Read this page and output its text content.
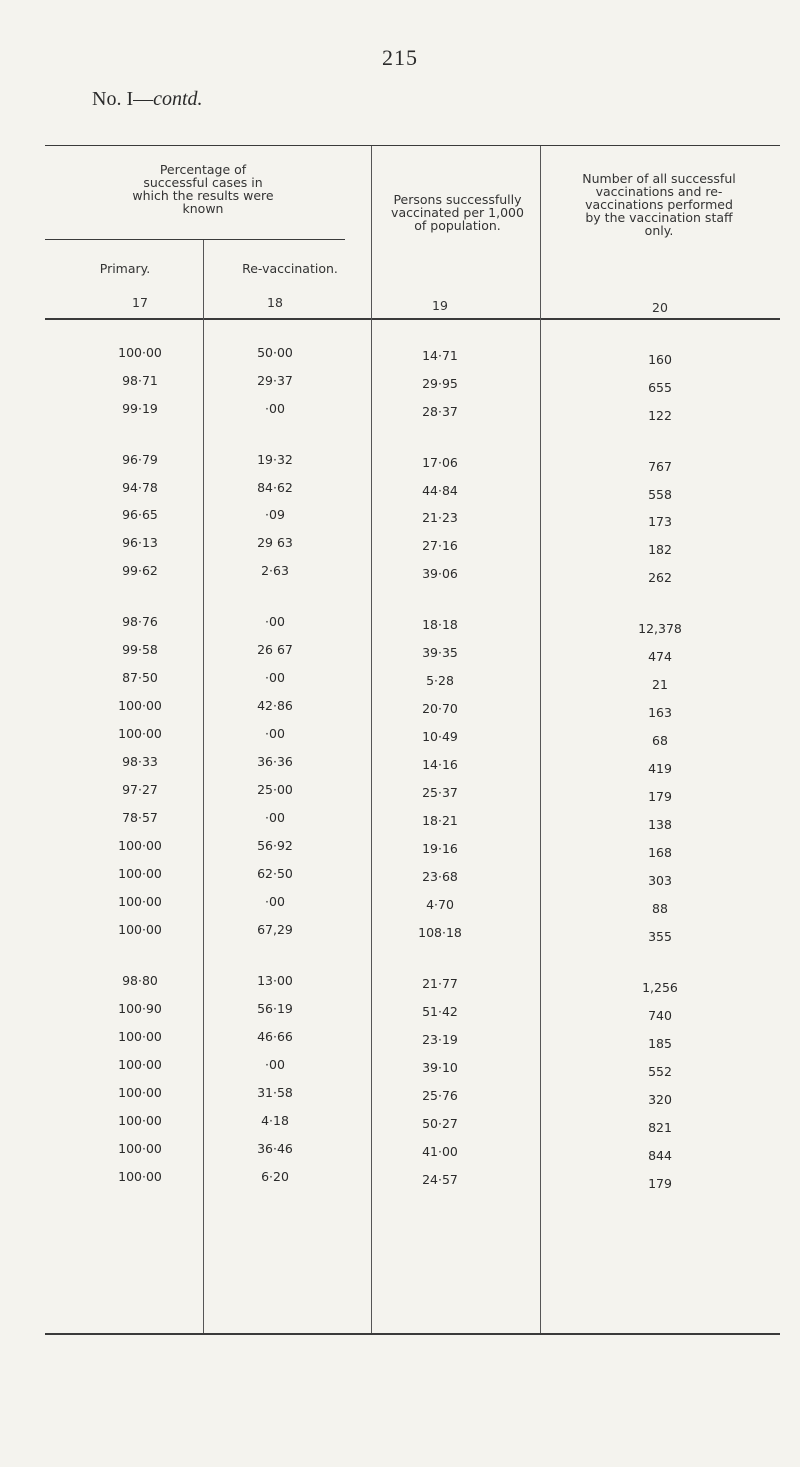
215
No. I—contd.
Percentage of successful cases in which the results were known
Primary.	Re-vaccination.
Persons successfully vaccinated per 1,000 of population.
Number of all successful vaccinations and re-vaccinations performed by the vaccination staff only.
17	18	19	20
100·00	50·00	14·71	160
98·71	29·37	29·95	655
99·19	·00	28·37	122
96·79	19·32	17·06	767
94·78	84·62	44·84	558
96·65	·09	21·23	173
96·13	29 63	27·16	182
99·62	2·63	39·06	262
98·76	·00	18·18	12,378
99·58	26 67	39·35	474
87·50	·00	5·28	21
100·00	42·86	20·70	163
100·00	·00	10·49	68
98·33	36·36	14·16	419
97·27	25·00	25·37	179
78·57	·00	18·21	138
100·00	56·92	19·16	168
100·00	62·50	23·68	303
100·00	·00	4·70	88
100·00	67,29	108·18	355
98·80	13·00	21·77	1,256
100·90	56·19	51·42	740
100·00	46·66	23·19	185
100·00	·00	39·10	552
100·00	31·58	25·76	320
100·00	4·18	50·27	821
100·00	36·46	41·00	844
100·00	6·20	24·57	179
